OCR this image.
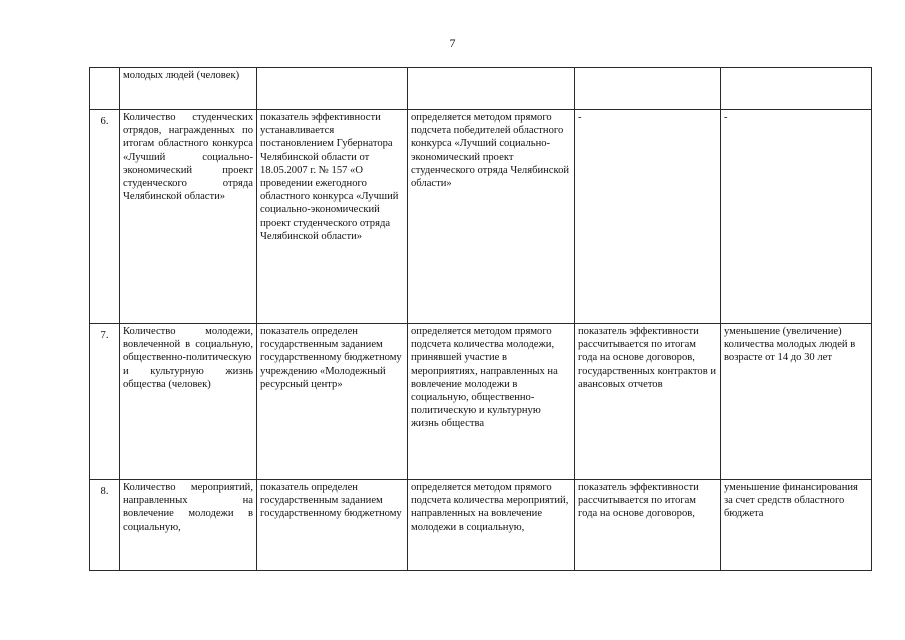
7
	молодых людей (человек)				
6.	Количество студенческих отрядов, награжденных по итогам областного конкурса «Лучший социально-экономический проект студенческого отряда Челябинской области»	показатель эффективности устанавливается постановлением Губернатора Челябинской области от 18.05.2007 г. № 157 «О проведении ежегодного областного конкурса «Лучший социально-экономический проект студенческого отряда Челябинской области»	определяется методом прямого подсчета победителей областного конкурса «Лучший социально-экономический проект студенческого отряда Челябинской области»	-	-
7.	Количество молодежи, вовлеченной в социальную, общественно-политическую и культурную жизнь общества (человек)	показатель определен государственным заданием государственному бюджетному учреждению «Молодежный ресурсный центр»	определяется методом прямого подсчета количества молодежи, принявшей участие в мероприятиях, направленных на вовлечение молодежи в социальную, общественно-политическую и культурную жизнь общества	показатель эффективности рассчитывается по итогам года на основе договоров, государственных контрактов и авансовых отчетов	уменьшение (увеличение) количества молодых людей в возрасте от 14 до 30 лет
8.	Количество мероприятий, направленных на вовлечение молодежи в социальную,	показатель определен государственным заданием государственному бюджетному	определяется методом прямого подсчета количества мероприятий, направленных на вовлечение молодежи в социальную,	показатель эффективности рассчитывается по итогам года на основе договоров,	уменьшение финансирования за счет средств областного бюджета
